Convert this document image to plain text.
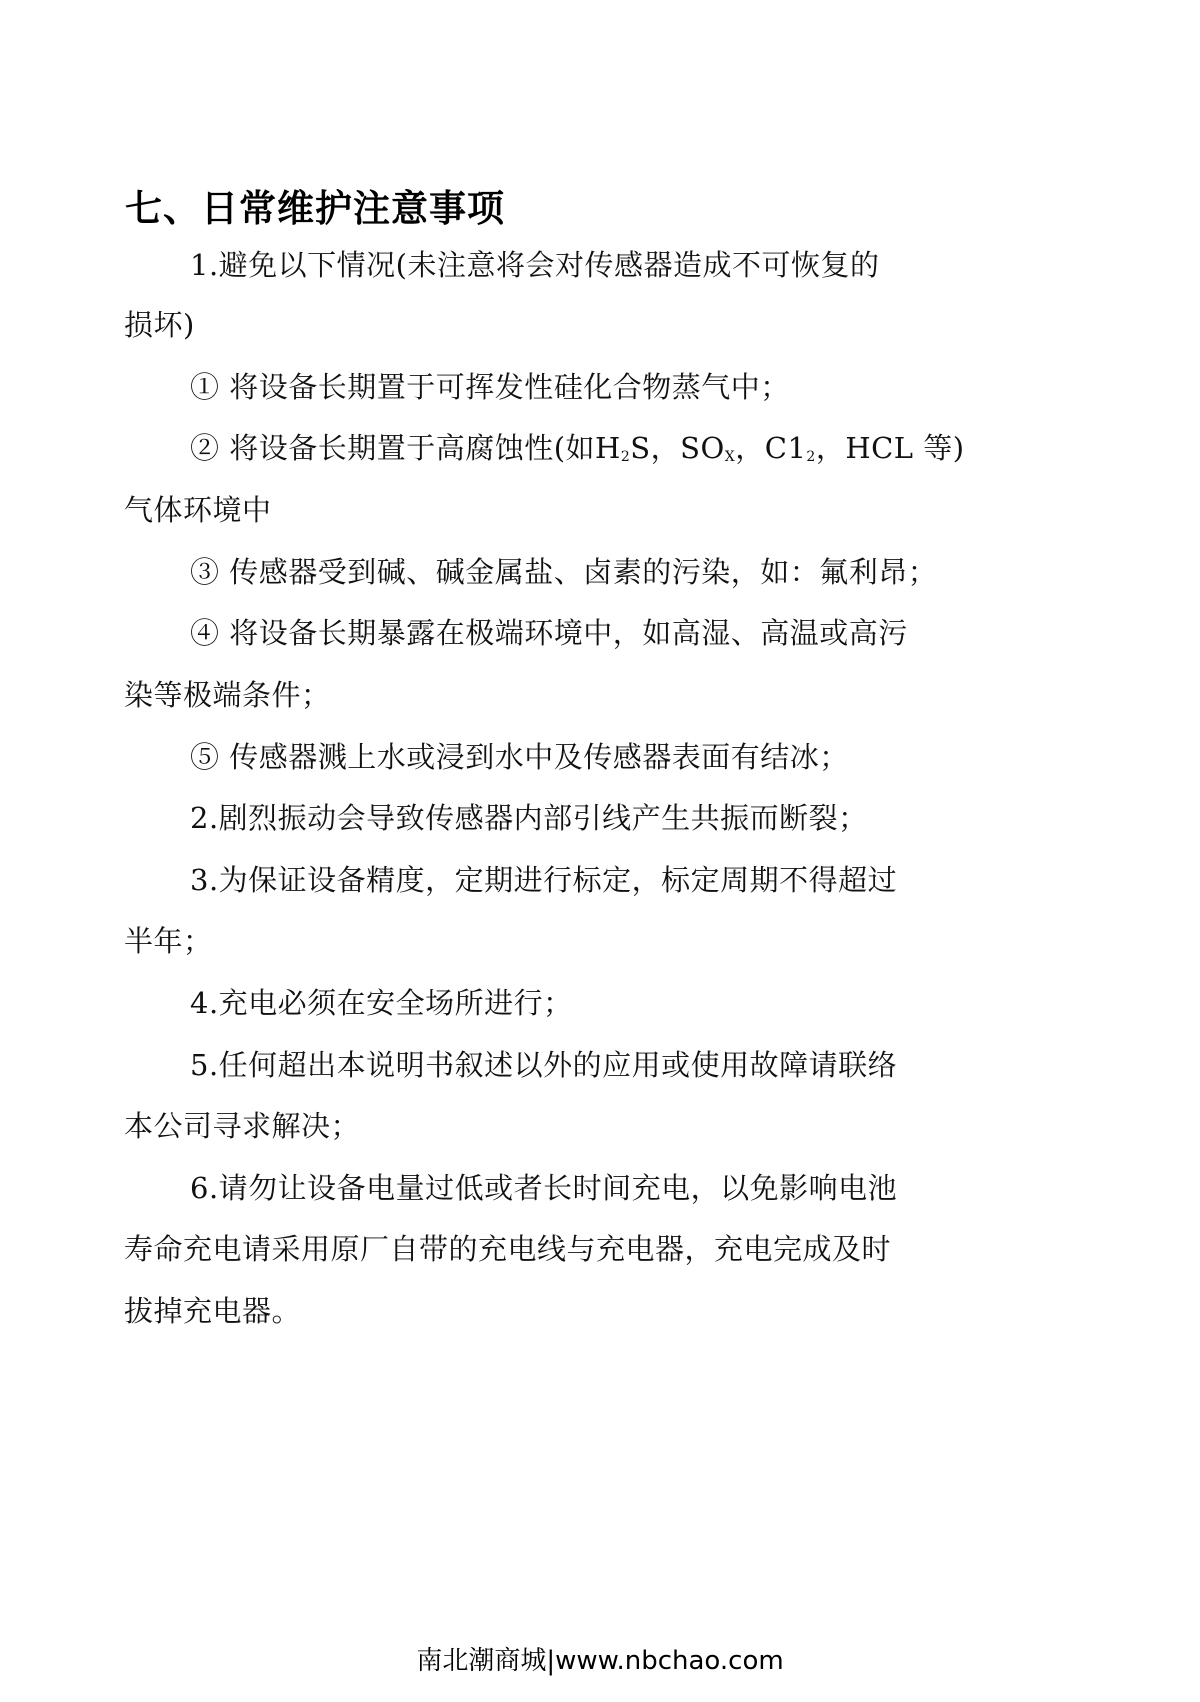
七、日常维护注意事项
1.避免以下情况(未注意将会对传感器造成不可恢复的
损坏)
① 将设备长期置于可挥发性硅化合物蒸气中；
② 将设备长期置于高腐蚀性(如$H_2S$，$SO_X$，$C1_2$，HCL 等)
气体环境中
③ 传感器受到碱、碱金属盐、卤素的污染，如：氟利昂；
④ 将设备长期暴露在极端环境中，如高湿、高温或高污
染等极端条件；
⑤ 传感器溅上水或浸到水中及传感器表面有结冰；
2.剧烈振动会导致传感器内部引线产生共振而断裂；
3.为保证设备精度，定期进行标定，标定周期不得超过
半年；
4.充电必须在安全场所进行；
5.任何超出本说明书叙述以外的应用或使用故障请联络
本公司寻求解决；
6.请勿让设备电量过低或者长时间充电，以免影响电池
寿命充电请采用原厂自带的充电线与充电器，充电完成及时
拔掉充电器。
南北潮商城|www.nbchao.com
